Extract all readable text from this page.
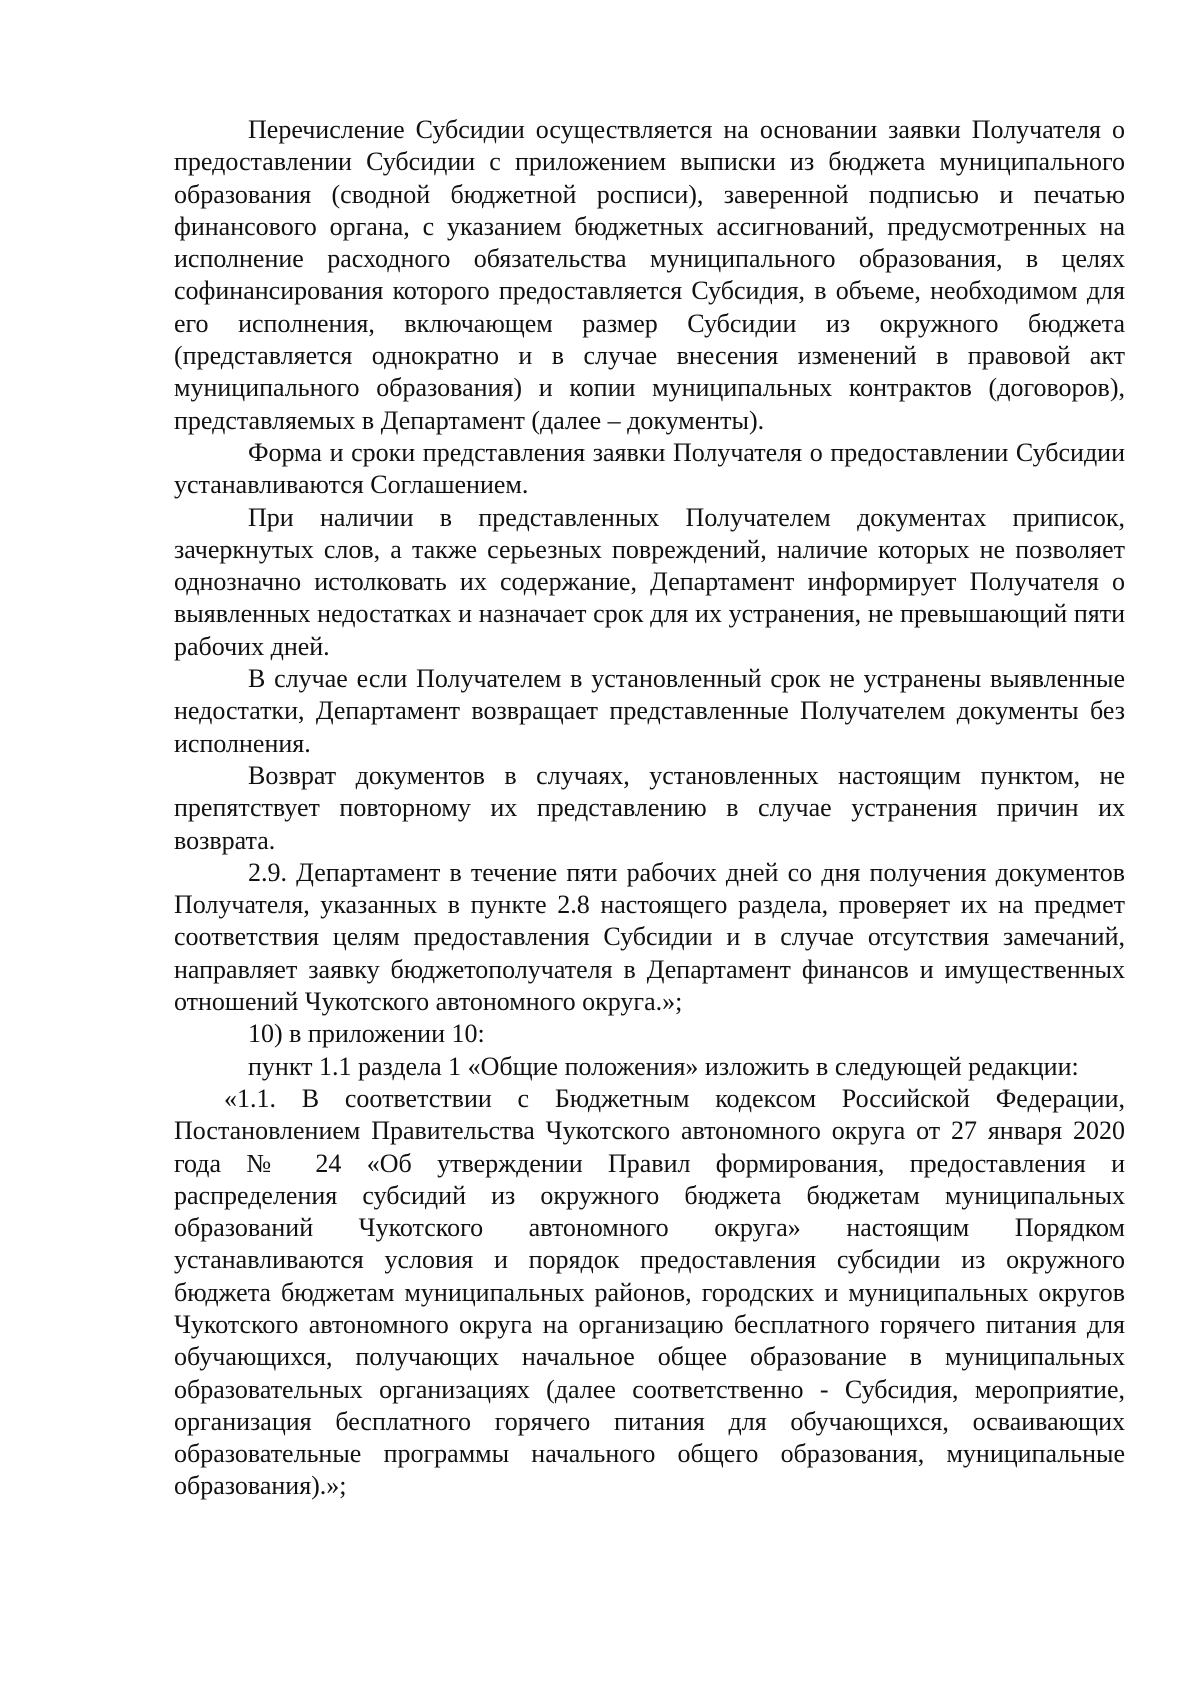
Перечисление Субсидии осуществляется на основании заявки Получателя о предоставлении Субсидии с приложением выписки из бюджета муниципального образования (сводной бюджетной росписи), заверенной подписью и печатью финансового органа, с указанием бюджетных ассигнований, предусмотренных на исполнение расходного обязательства муниципального образования, в целях софинансирования которого предоставляется Субсидия, в объеме, необходимом для его исполнения, включающем размер Субсидии из окружного бюджета (представляется однократно и в случае внесения изменений в правовой акт муниципального образования) и копии муниципальных контрактов (договоров), представляемых в Департамент (далее – документы).

Форма и сроки представления заявки Получателя о предоставлении Субсидии устанавливаются Соглашением.

При наличии в представленных Получателем документах приписок, зачеркнутых слов, а также серьезных повреждений, наличие которых не позволяет однозначно истолковать их содержание, Департамент информирует Получателя о выявленных недостатках и назначает срок для их устранения, не превышающий пяти рабочих дней.

В случае если Получателем в установленный срок не устранены выявленные недостатки, Департамент возвращает представленные Получателем документы без исполнения.

Возврат документов в случаях, установленных настоящим пунктом, не препятствует повторному их представлению в случае устранения причин их возврата.

2.9. Департамент в течение пяти рабочих дней со дня получения документов Получателя, указанных в пункте 2.8 настоящего раздела, проверяет их на предмет соответствия целям предоставления Субсидии и в случае отсутствия замечаний, направляет заявку бюджетополучателя в Департамент финансов и имущественных отношений Чукотского автономного округа.»;

10) в приложении 10:

пункт 1.1 раздела 1 «Общие положения» изложить в следующей редакции:

«1.1. В соответствии с Бюджетным кодексом Российской Федерации, Постановлением Правительства Чукотского автономного округа от 27 января 2020 года № 24 «Об утверждении Правил формирования, предоставления и распределения субсидий из окружного бюджета бюджетам муниципальных образований Чукотского автономного округа» настоящим Порядком устанавливаются условия и порядок предоставления субсидии из окружного бюджета бюджетам муниципальных районов, городских и муниципальных округов Чукотского автономного округа на организацию бесплатного горячего питания для обучающихся, получающих начальное общее образование в муниципальных образовательных организациях (далее соответственно - Субсидия, мероприятие, организация бесплатного горячего питания для обучающихся, осваивающих образовательные программы начального общего образования, муниципальные образования).»;
